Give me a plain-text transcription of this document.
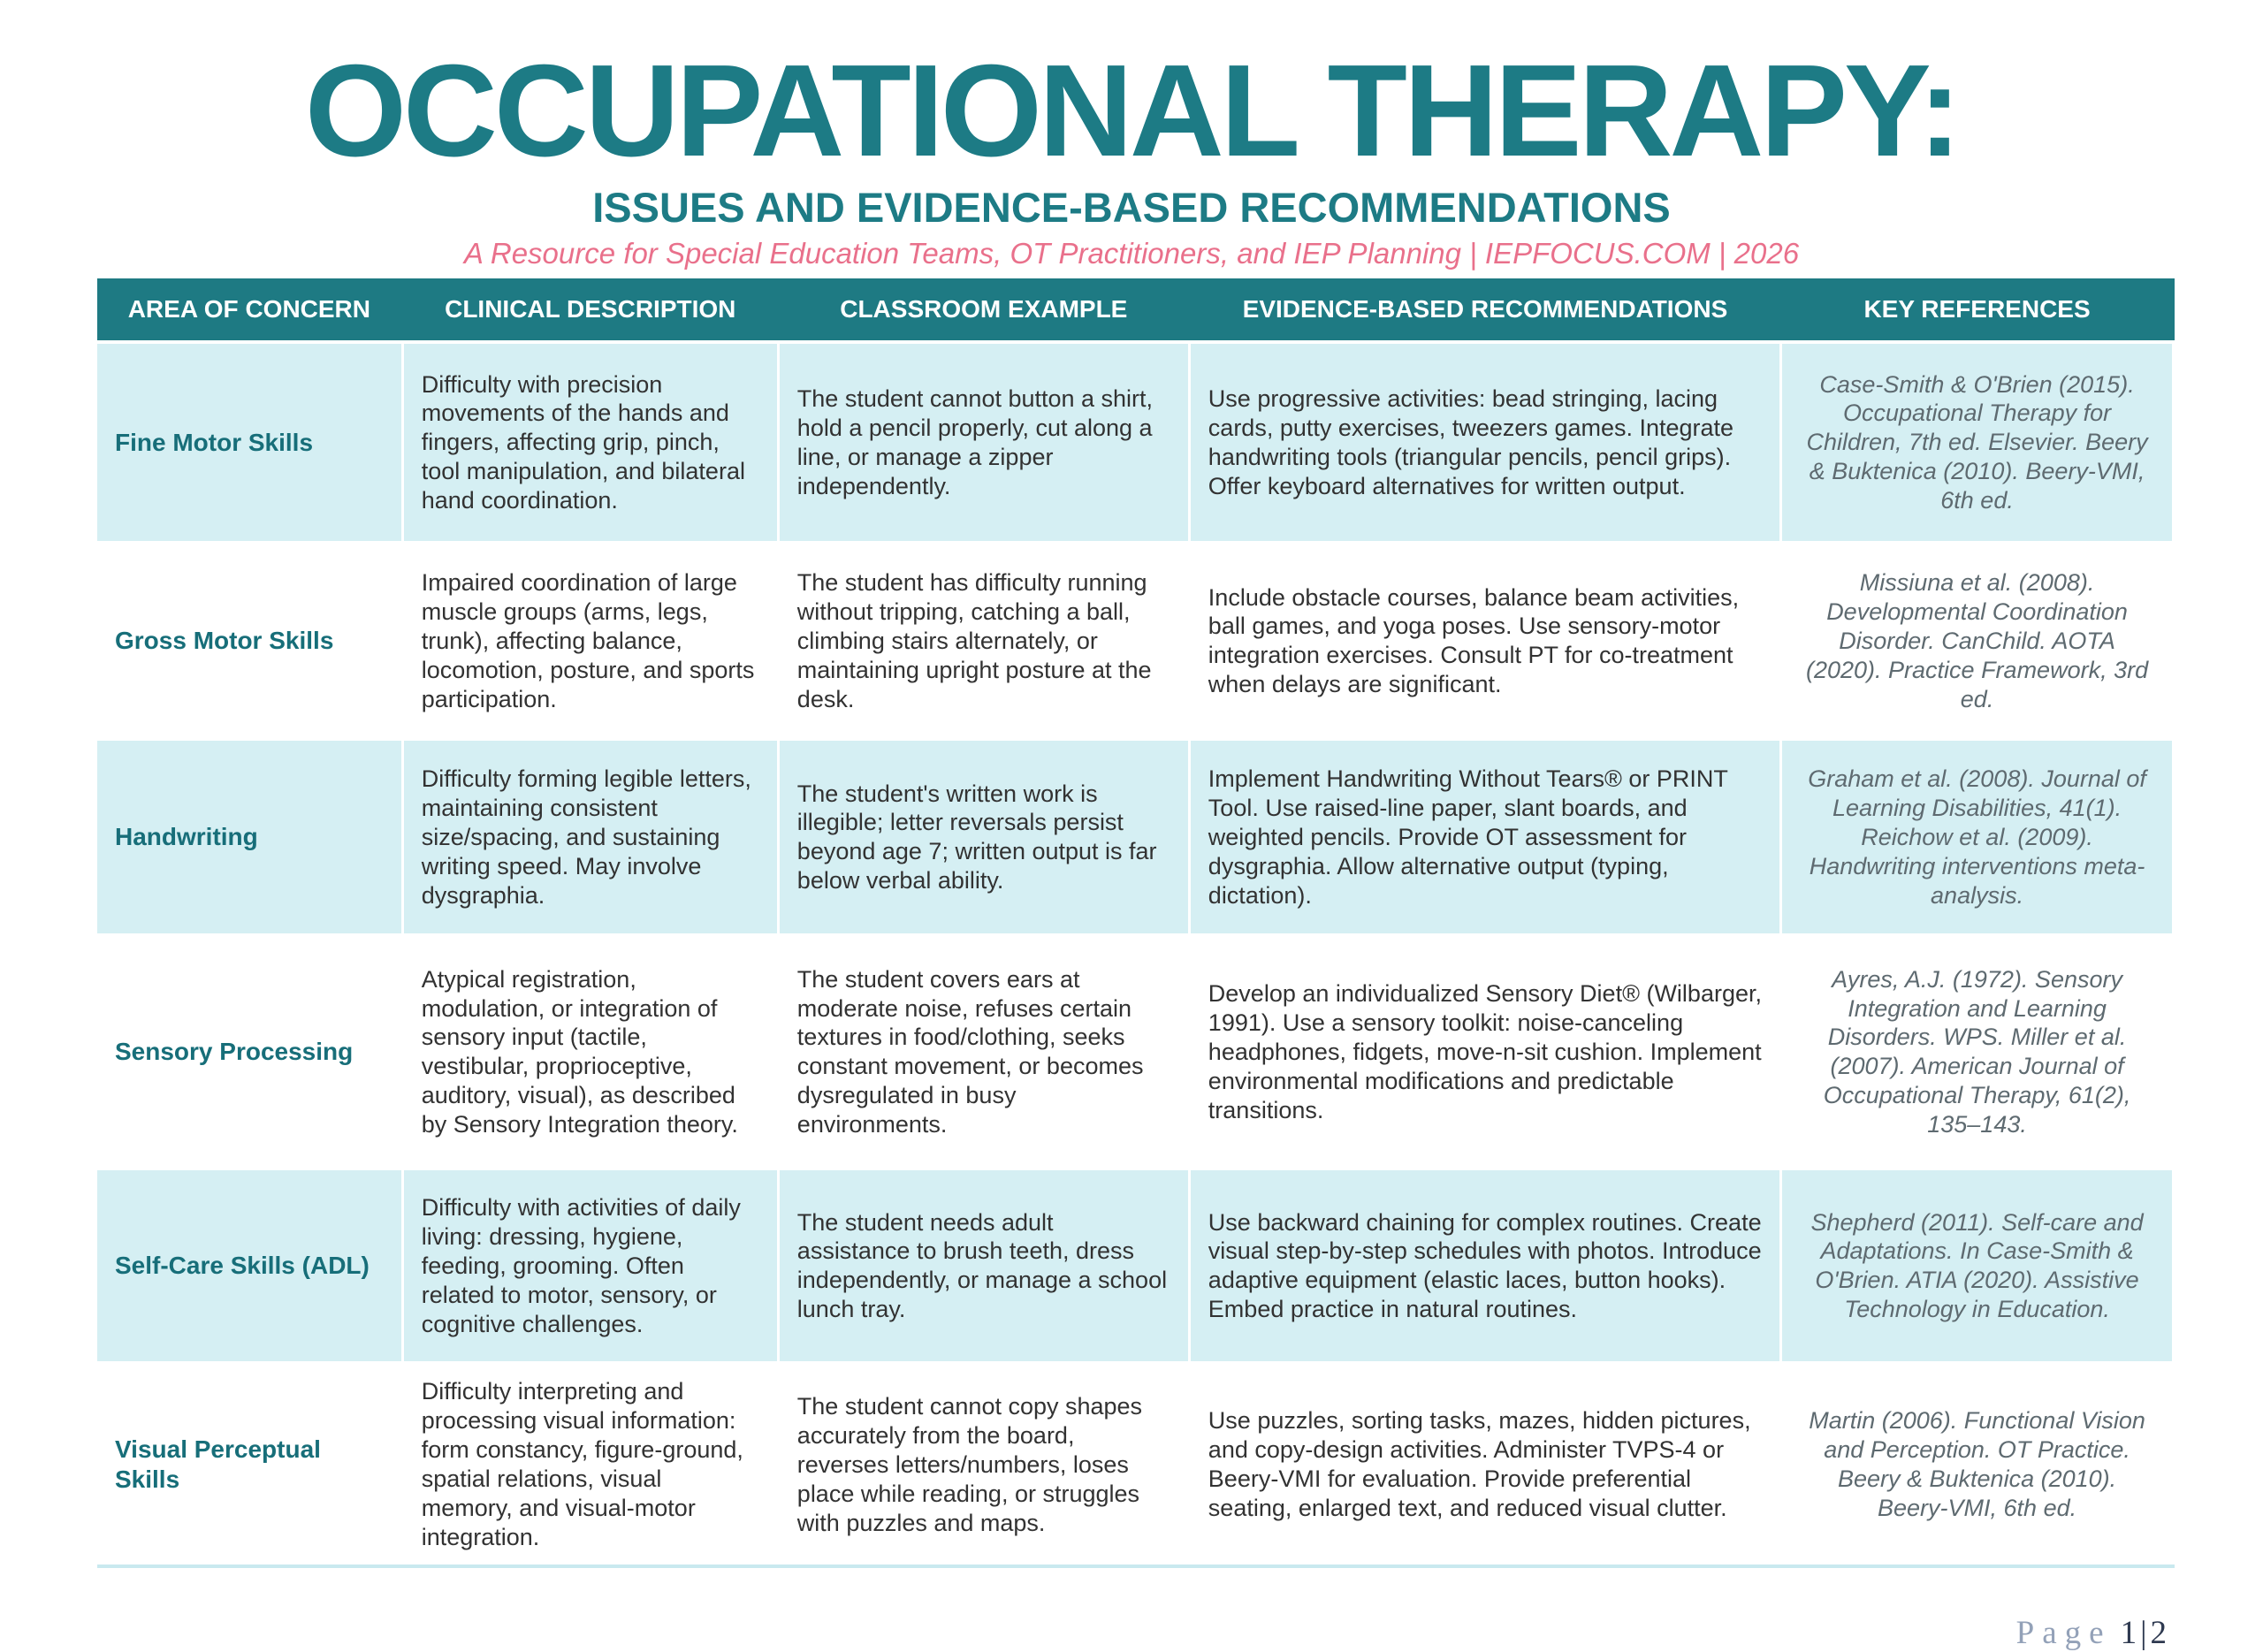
OCCUPATIONAL THERAPY:
ISSUES AND EVIDENCE-BASED RECOMMENDATIONS
A Resource for Special Education Teams, OT Practitioners, and IEP Planning | IEPFOCUS.COM | 2026
AREA OF CONCERN	CLINICAL DESCRIPTION	CLASSROOM EXAMPLE	EVIDENCE-BASED RECOMMENDATIONS	KEY REFERENCES
Fine Motor Skills	Difficulty with precision movements of the hands and fingers, affecting grip, pinch, tool manipulation, and bilateral hand coordination.	The student cannot button a shirt, hold a pencil properly, cut along a line, or manage a zipper independently.	Use progressive activities: bead stringing, lacing cards, putty exercises, tweezers games. Integrate handwriting tools (triangular pencils, pencil grips). Offer keyboard alternatives for written output.	Case-Smith & O'Brien (2015). Occupational Therapy for Children, 7th ed. Elsevier. Beery & Buktenica (2010). Beery-VMI, 6th ed.
Gross Motor Skills	Impaired coordination of large muscle groups (arms, legs, trunk), affecting balance, locomotion, posture, and sports participation.	The student has difficulty running without tripping, catching a ball, climbing stairs alternately, or maintaining upright posture at the desk.	Include obstacle courses, balance beam activities, ball games, and yoga poses. Use sensory-motor integration exercises. Consult PT for co-treatment when delays are significant.	Missiuna et al. (2008). Developmental Coordination Disorder. CanChild. AOTA (2020). Practice Framework, 3rd ed.
Handwriting	Difficulty forming legible letters, maintaining consistent size/spacing, and sustaining writing speed. May involve dysgraphia.	The student's written work is illegible; letter reversals persist beyond age 7; written output is far below verbal ability.	Implement Handwriting Without Tears® or PRINT Tool. Use raised-line paper, slant boards, and weighted pencils. Provide OT assessment for dysgraphia. Allow alternative output (typing, dictation).	Graham et al. (2008). Journal of Learning Disabilities, 41(1). Reichow et al. (2009). Handwriting interventions meta-analysis.
Sensory Processing	Atypical registration, modulation, or integration of sensory input (tactile, vestibular, proprioceptive, auditory, visual), as described by Sensory Integration theory.	The student covers ears at moderate noise, refuses certain textures in food/clothing, seeks constant movement, or becomes dysregulated in busy environments.	Develop an individualized Sensory Diet® (Wilbarger, 1991). Use a sensory toolkit: noise-canceling headphones, fidgets, move-n-sit cushion. Implement environmental modifications and predictable transitions.	Ayres, A.J. (1972). Sensory Integration and Learning Disorders. WPS. Miller et al. (2007). American Journal of Occupational Therapy, 61(2), 135–143.
Self-Care Skills (ADL)	Difficulty with activities of daily living: dressing, hygiene, feeding, grooming. Often related to motor, sensory, or cognitive challenges.	The student needs adult assistance to brush teeth, dress independently, or manage a school lunch tray.	Use backward chaining for complex routines. Create visual step-by-step schedules with photos. Introduce adaptive equipment (elastic laces, button hooks). Embed practice in natural routines.	Shepherd (2011). Self-care and Adaptations. In Case-Smith & O'Brien. ATIA (2020). Assistive Technology in Education.
Visual Perceptual Skills	Difficulty interpreting and processing visual information: form constancy, figure-ground, spatial relations, visual memory, and visual-motor integration.	The student cannot copy shapes accurately from the board, reverses letters/numbers, loses place while reading, or struggles with puzzles and maps.	Use puzzles, sorting tasks, mazes, hidden pictures, and copy-design activities. Administer TVPS-4 or Beery-VMI for evaluation. Provide preferential seating, enlarged text, and reduced visual clutter.	Martin (2006). Functional Vision and Perception. OT Practice. Beery & Buktenica (2010). Beery-VMI, 6th ed.
Page 1|2
